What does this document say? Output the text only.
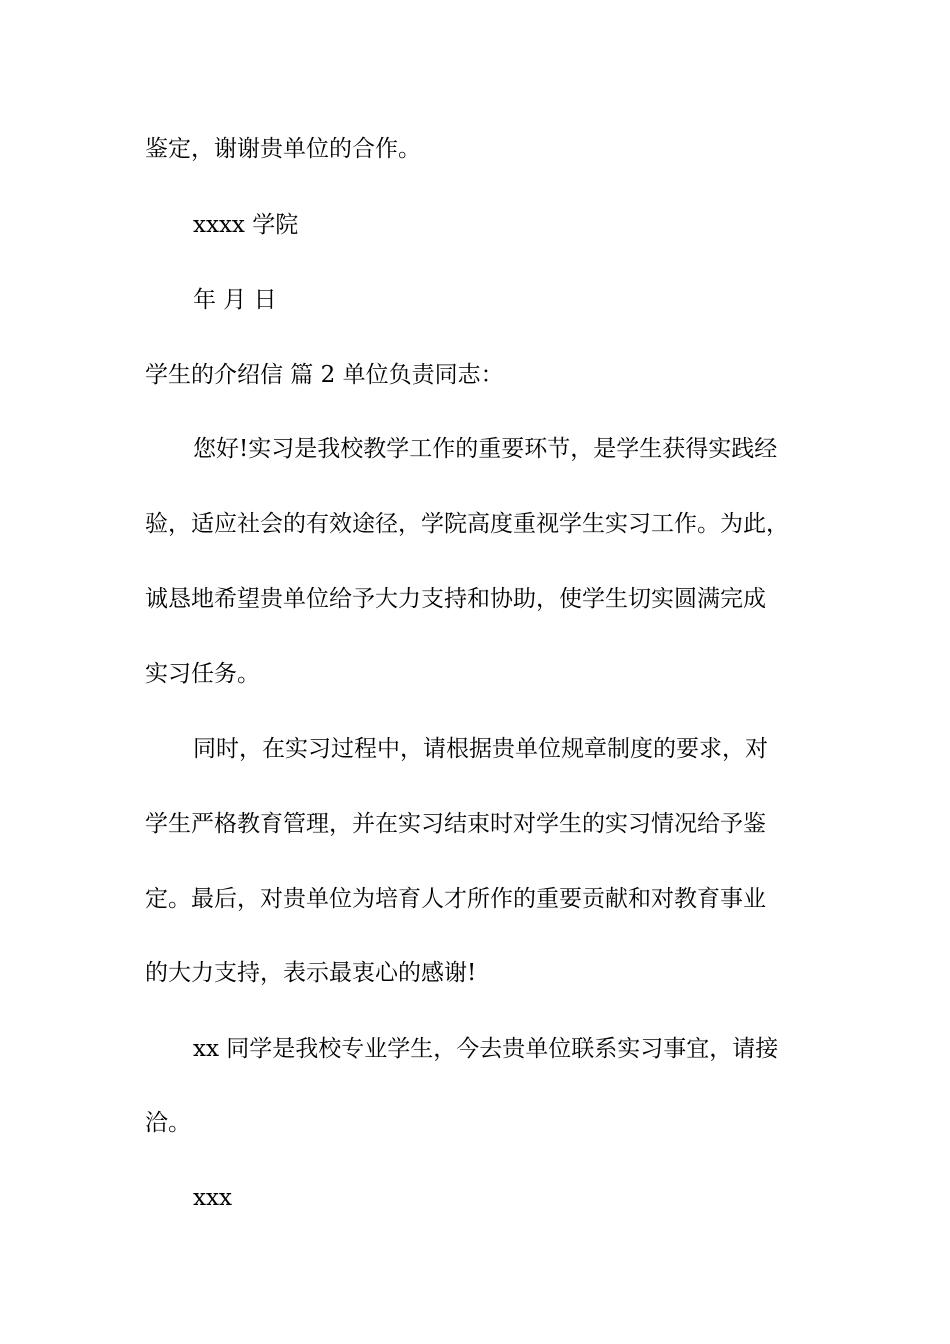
鉴定，谢谢贵单位的合作。
xxxx 学院
年 月 日
学生的介绍信 篇 2 单位负责同志：
您好!实习是我校教学工作的重要环节，是学生获得实践经
验，适应社会的有效途径，学院高度重视学生实习工作。为此，
诚恳地希望贵单位给予大力支持和协助，使学生切实圆满完成
实习任务。
同时，在实习过程中，请根据贵单位规章制度的要求，对
学生严格教育管理，并在实习结束时对学生的实习情况给予鉴
定。最后，对贵单位为培育人才所作的重要贡献和对教育事业
的大力支持，表示最衷心的感谢!
xx 同学是我校专业学生，今去贵单位联系实习事宜，请接
洽。
xxx
